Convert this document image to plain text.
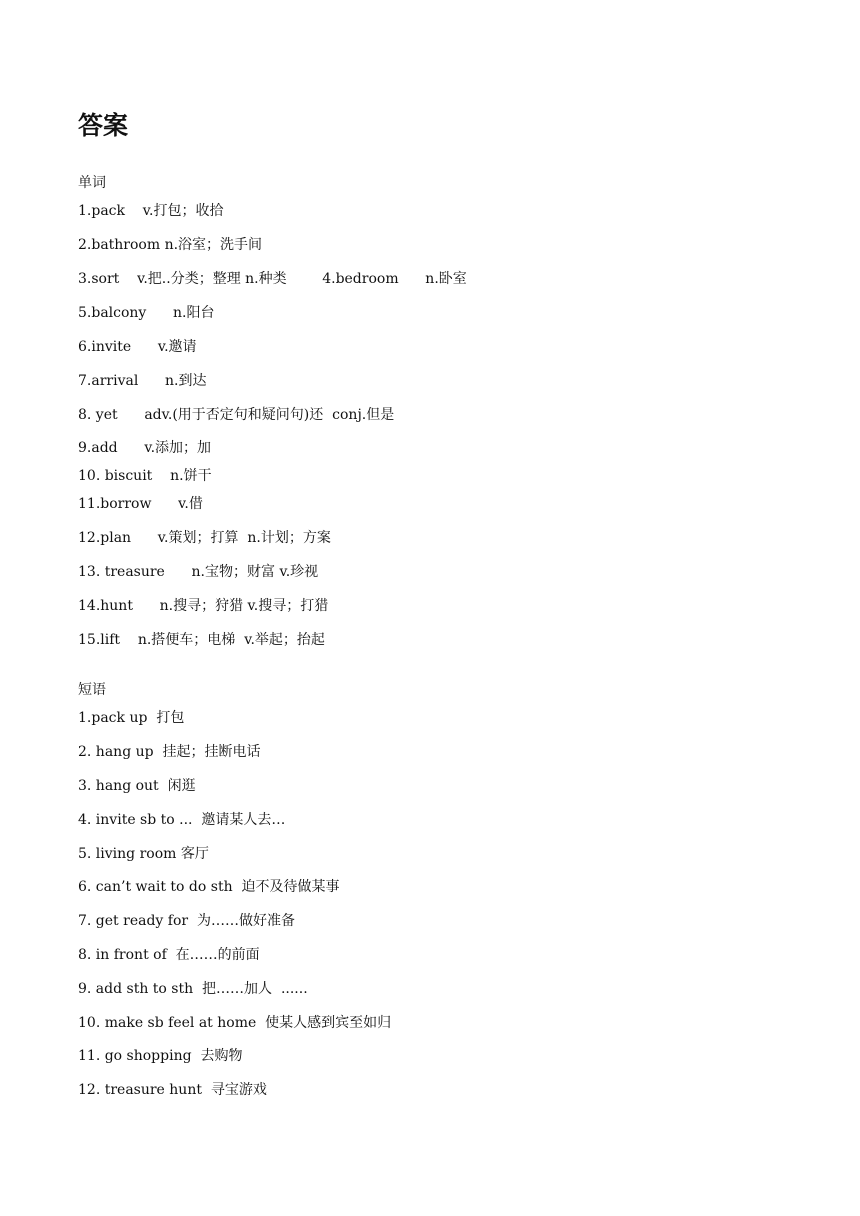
答案
单词
1.pack    v.打包；收拾
2.bathroom n.浴室；洗手间
3.sort    v.把..分类；整理 n.种类        4.bedroom      n.卧室
5.balcony      n.阳台
6.invite      v.邀请
7.arrival      n.到达
8. yet      adv.(用于否定句和疑问句)还  conj.但是
9.add      v.添加；加
10. biscuit    n.饼干
11.borrow      v.借
12.plan      v.策划；打算  n.计划；方案
13. treasure      n.宝物；财富 v.珍视
14.hunt      n.搜寻；狩猎 v.搜寻；打猎
15.lift    n.搭便车；电梯  v.举起；抬起
短语
1.pack up  打包
2. hang up  挂起；挂断电话
3. hang out  闲逛
4. invite sb to ...  邀请某人去…
5. living room 客厅
6. can’t wait to do sth  迫不及待做某事
7. get ready for  为……做好准备
8. in front of  在……的前面
9. add sth to sth  把……加人  ......
10. make sb feel at home  使某人感到宾至如归
11. go shopping  去购物
12. treasure hunt  寻宝游戏
